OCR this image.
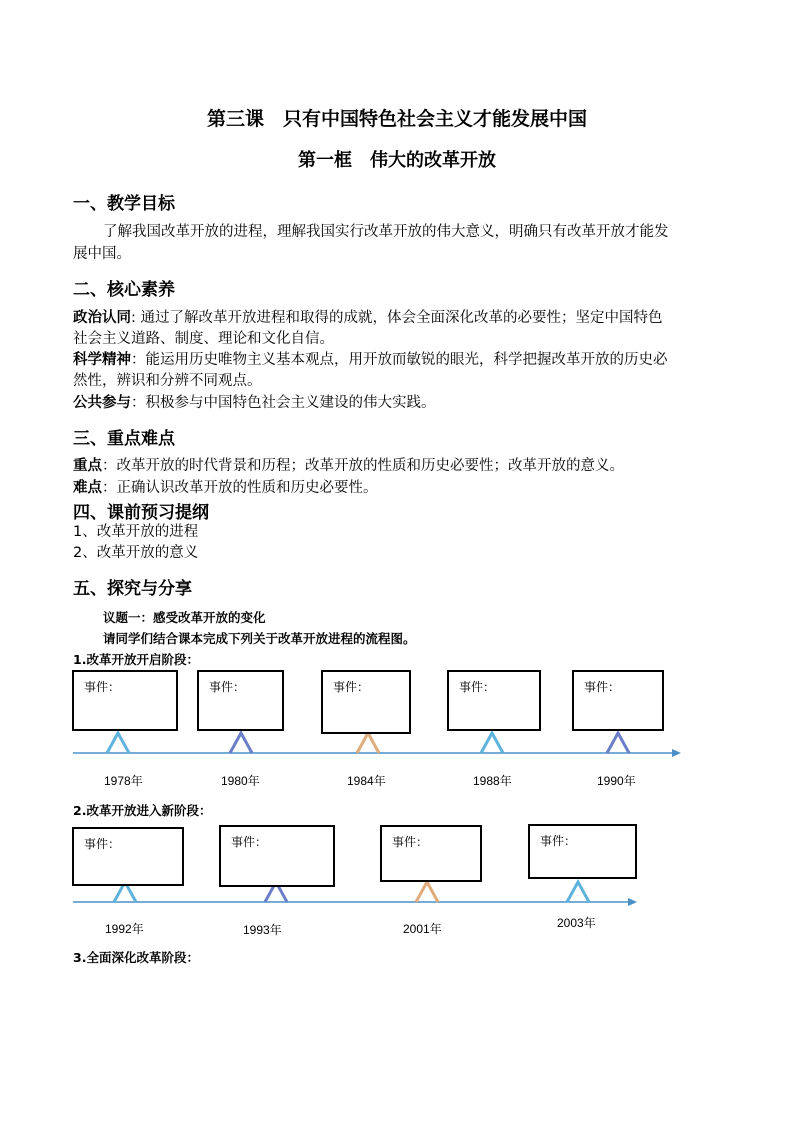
第三课　只有中国特色社会主义才能发展中国
第一框　伟大的改革开放
一、教学目标
了解我国改革开放的进程，理解我国实行改革开放的伟大意义，明确只有改革开放才能发
展中国。
二、核心素养
政治认同: 通过了解改革开放进程和取得的成就，体会全面深化改革的必要性；坚定中国特色
社会主义道路、制度、理论和文化自信。
科学精神：能运用历史唯物主义基本观点，用开放而敏锐的眼光，科学把握改革开放的历史必
然性，辨识和分辨不同观点。
公共参与：积极参与中国特色社会主义建设的伟大实践。
三、重点难点
重点：改革开放的时代背景和历程；改革开放的性质和历史必要性；改革开放的意义。
难点：正确认识改革开放的性质和历史必要性。
四、课前预习提纲
1、改革开放的进程
2、改革开放的意义
五、探究与分享
议题一：感受改革开放的变化
请同学们结合课本完成下列关于改革开放进程的流程图。
1.改革开放开启阶段：
事件：	事件：	事件：	事件：	事件：
1978年	1980年	1984年	1988年	1990年
2.改革开放进入新阶段：
事件：	事件：	事件：	事件：
1992年	1993年	2001年	2003年
3.全面深化改革阶段：
